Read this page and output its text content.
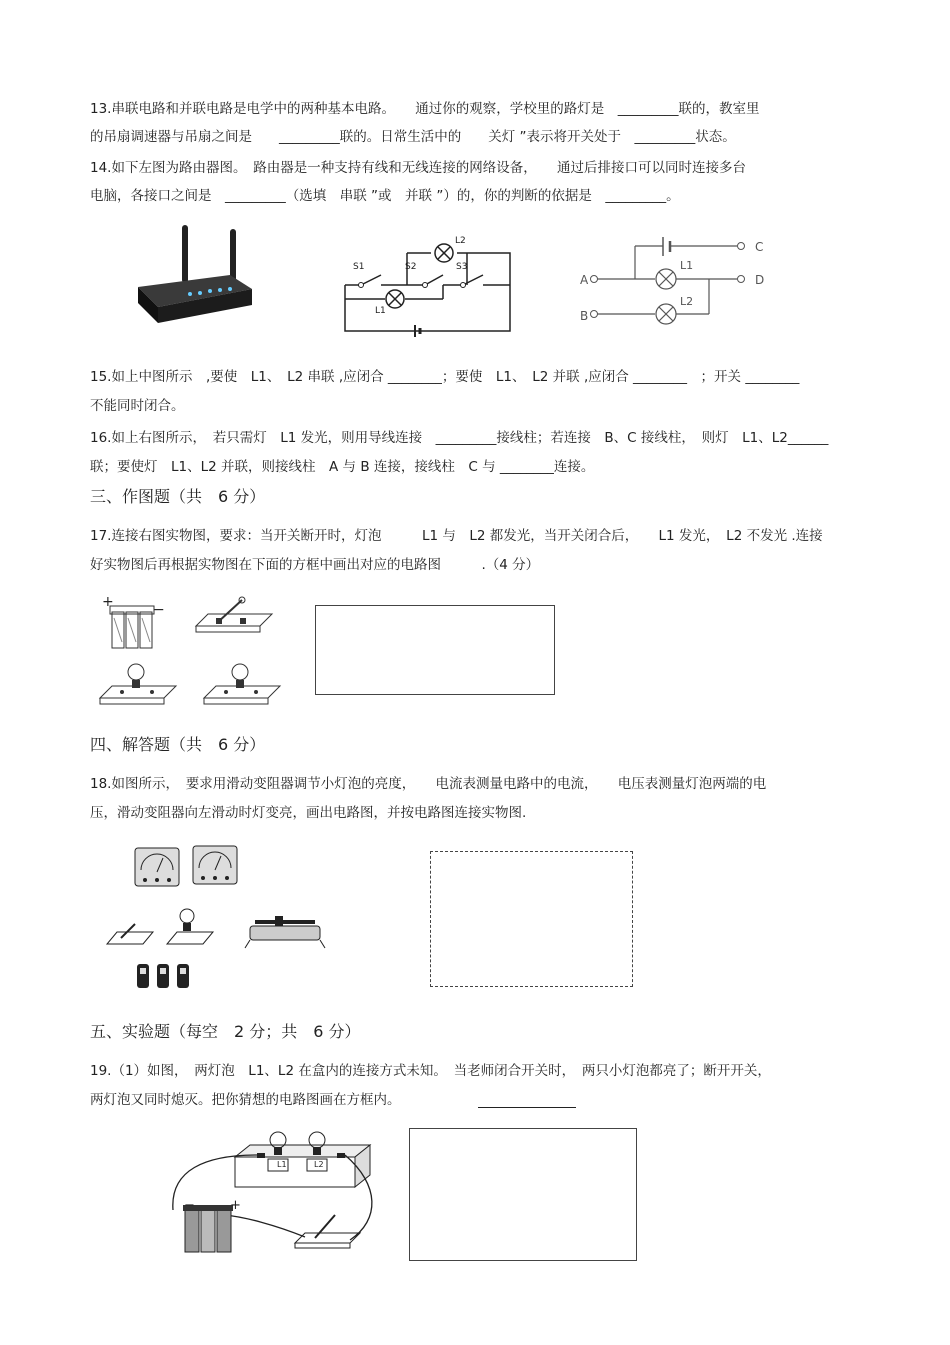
13.串联电路和并联电路是电学中的两种基本电路。　　通过你的观察，学校里的路灯是　_________联的，教室里
的吊扇调速器与吊扇之间是　　_________联的。日常生活中的　　关灯 ”表示将开关处于　_________状态。
14.如下左图为路由器图。　路由器是一种支持有线和无线连接的网络设备，　　通过后排接口可以同时连接多台
电脑，各接口之间是　_________（选填　串联 ”或　并联 ”）的，你的判断的依据是　_________。
L2
S1	S2	S3
L1
A
B
C
D
L1
L2
15.如上中图所示　,要使　L1、　L2 串联 ,应闭合 ________；要使　L1、　L2 并联 ,应闭合 ________　；开关 ________
不能同时闭合。
16.如上右图所示，　若只需灯　L1 发光，则用导线连接　_________接线柱；若连接　B、C 接线柱，　则灯　L1、L2______
联；要使灯　L1、L2 并联，则接线柱　A 与 B 连接，接线柱　C 与 ________连接。
三、作图题（共　6 分）
17.连接右图实物图，要求：当开关断开时，灯泡　　　L1 与　L2 都发光，当开关闭合后，　　L1 发光，　L2 不发光 .连接
好实物图后再根据实物图在下面的方框中画出对应的电路图　　　.（4 分）
+	−
四、解答题（共　6 分）
18.如图所示，　要求用滑动变阻器调节小灯泡的亮度，　　电流表测量电路中的电流，　　电压表测量灯泡两端的电
压，滑动变阻器向左滑动时灯变亮，画出电路图，并按电路图连接实物图.
五、实验题（每空　2 分；共　6 分）
19.（1）如图，　两灯泡　L1、L2 在盒内的连接方式未知。　当老师闭合开关时，　两只小灯泡都亮了；断开开关，
两灯泡又同时熄灭。把你猜想的电路图画在方框内。
L1	L2
−	+
